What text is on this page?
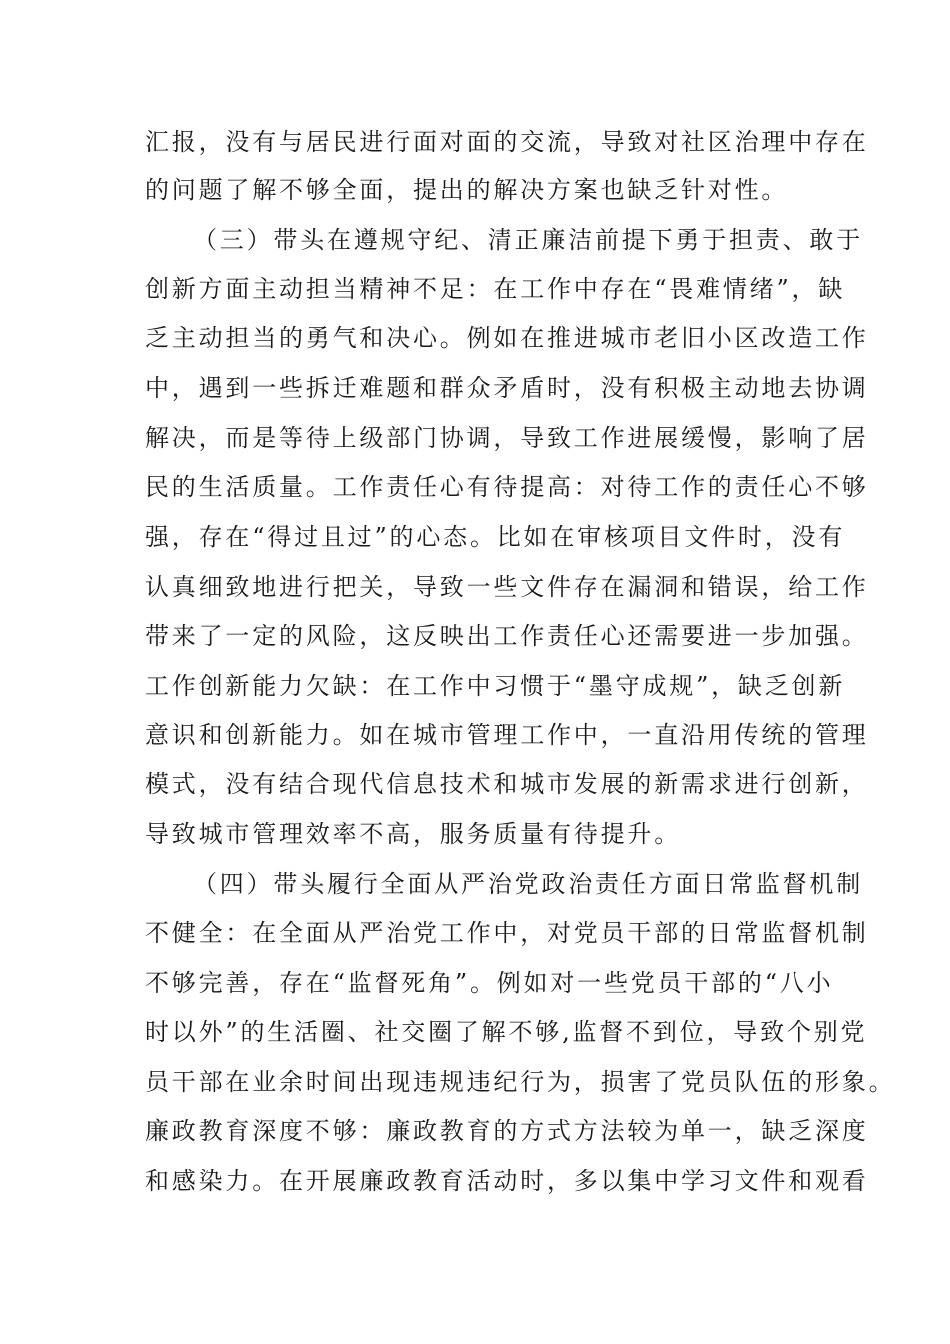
汇报，没有与居民进行面对面的交流，导致对社区治理中存在
的问题了解不够全面，提出的解决方案也缺乏针对性。
（三）带头在遵规守纪、清正廉洁前提下勇于担责、敢于
创新方面主动担当精神不足：在工作中存在“畏难情绪”，缺
乏主动担当的勇气和决心。例如在推进城市老旧小区改造工作
中，遇到一些拆迁难题和群众矛盾时，没有积极主动地去协调
解决，而是等待上级部门协调，导致工作进展缓慢，影响了居
民的生活质量。工作责任心有待提高：对待工作的责任心不够
强，存在“得过且过”的心态。比如在审核项目文件时，没有
认真细致地进行把关，导致一些文件存在漏洞和错误，给工作
带来了一定的风险，这反映出工作责任心还需要进一步加强。
工作创新能力欠缺：在工作中习惯于“墨守成规”，缺乏创新
意识和创新能力。如在城市管理工作中，一直沿用传统的管理
模式，没有结合现代信息技术和城市发展的新需求进行创新，
导致城市管理效率不高，服务质量有待提升。
（四）带头履行全面从严治党政治责任方面日常监督机制
不健全：在全面从严治党工作中，对党员干部的日常监督机制
不够完善，存在“监督死角”。例如对一些党员干部的“八小
时以外”的生活圈、社交圈了解不够,监督不到位，导致个别党
员干部在业余时间出现违规违纪行为，损害了党员队伍的形象。
廉政教育深度不够：廉政教育的方式方法较为单一，缺乏深度
和感染力。在开展廉政教育活动时，多以集中学习文件和观看
